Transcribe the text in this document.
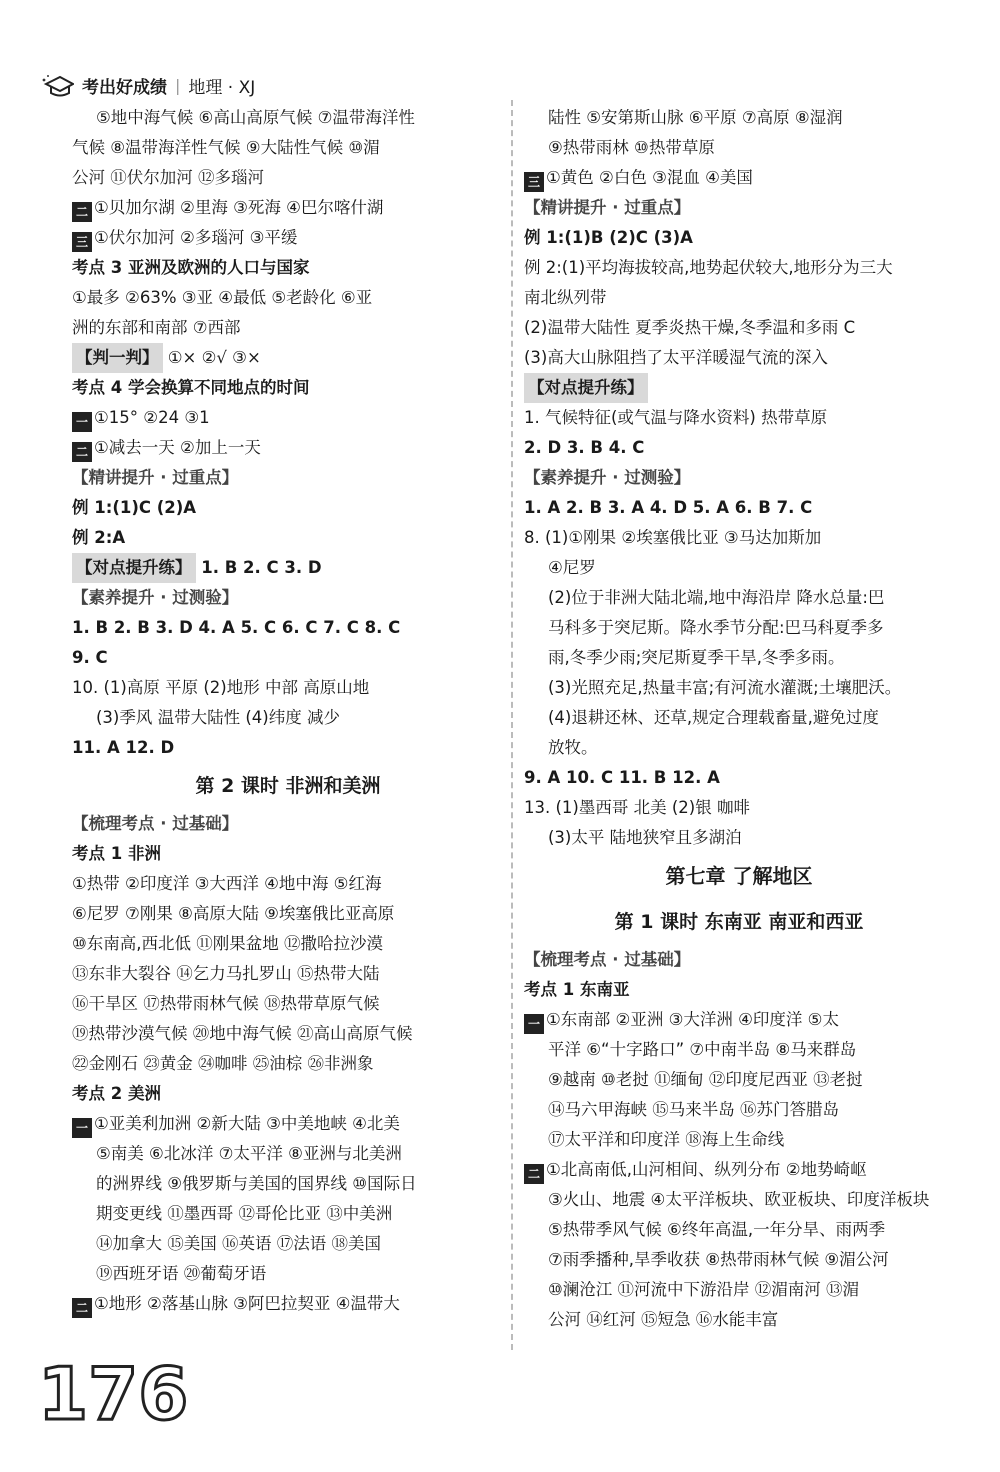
考出好成绩 | 地理 · XJ
⑤地中海气候 ⑥高山高原气候 ⑦温带海洋性
气候 ⑧温带海洋性气候 ⑨大陆性气候 ⑩湄
公河 ⑪伏尔加河 ⑫多瑙河
二 ①贝加尔湖 ②里海 ③死海 ④巴尔喀什湖
三 ①伏尔加河 ②多瑙河 ③平缓
考点 3 亚洲及欧洲的人口与国家
①最多 ②63% ③亚 ④最低 ⑤老龄化 ⑥亚
洲的东部和南部 ⑦西部
【判一判】 ①× ②√ ③×
考点 4 学会换算不同地点的时间
一 ①15° ②24 ③1
二 ①减去一天 ②加上一天
【精讲提升 · 过重点】
例 1:(1)C (2)A
例 2:A
【对点提升练】 1. B 2. C 3. D
【素养提升 · 过测验】
1. B 2. B 3. D 4. A 5. C 6. C 7. C 8. C
9. C
10. (1)高原 平原 (2)地形 中部 高原山地
(3)季风 温带大陆性 (4)纬度 减少
11. A 12. D
第 2 课时 非洲和美洲
【梳理考点 · 过基础】
考点 1 非洲
①热带 ②印度洋 ③大西洋 ④地中海 ⑤红海
⑥尼罗 ⑦刚果 ⑧高原大陆 ⑨埃塞俄比亚高原
⑩东南高,西北低 ⑪刚果盆地 ⑫撒哈拉沙漠
⑬东非大裂谷 ⑭乞力马扎罗山 ⑮热带大陆
⑯干旱区 ⑰热带雨林气候 ⑱热带草原气候
⑲热带沙漠气候 ⑳地中海气候 ㉑高山高原气候
㉒金刚石 ㉓黄金 ㉔咖啡 ㉕油棕 ㉖非洲象
考点 2 美洲
一 ①亚美利加洲 ②新大陆 ③中美地峡 ④北美
⑤南美 ⑥北冰洋 ⑦太平洋 ⑧亚洲与北美洲
的洲界线 ⑨俄罗斯与美国的国界线 ⑩国际日
期变更线 ⑪墨西哥 ⑫哥伦比亚 ⑬中美洲
⑭加拿大 ⑮美国 ⑯英语 ⑰法语 ⑱美国
⑲西班牙语 ⑳葡萄牙语
二 ①地形 ②落基山脉 ③阿巴拉契亚 ④温带大
陆性 ⑤安第斯山脉 ⑥平原 ⑦高原 ⑧湿润
⑨热带雨林 ⑩热带草原
三 ①黄色 ②白色 ③混血 ④美国
【精讲提升 · 过重点】
例 1:(1)B (2)C (3)A
例 2:(1)平均海拔较高,地势起伏较大,地形分为三大
南北纵列带
(2)温带大陆性 夏季炎热干燥,冬季温和多雨 C
(3)高大山脉阻挡了太平洋暖湿气流的深入
【对点提升练】
1. 气候特征(或气温与降水资料) 热带草原
2. D 3. B 4. C
【素养提升 · 过测验】
1. A 2. B 3. A 4. D 5. A 6. B 7. C
8. (1)①刚果 ②埃塞俄比亚 ③马达加斯加
④尼罗
(2)位于非洲大陆北端,地中海沿岸 降水总量:巴
马科多于突尼斯。降水季节分配:巴马科夏季多
雨,冬季少雨;突尼斯夏季干旱,冬季多雨。
(3)光照充足,热量丰富;有河流水灌溉;土壤肥沃。
(4)退耕还林、还草,规定合理载畜量,避免过度
放牧。
9. A 10. C 11. B 12. A
13. (1)墨西哥 北美 (2)银 咖啡
(3)太平 陆地狭窄且多湖泊
第七章 了解地区
第 1 课时 东南亚 南亚和西亚
【梳理考点 · 过基础】
考点 1 东南亚
一 ①东南部 ②亚洲 ③大洋洲 ④印度洋 ⑤太
平洋 ⑥“十字路口” ⑦中南半岛 ⑧马来群岛
⑨越南 ⑩老挝 ⑪缅甸 ⑫印度尼西亚 ⑬老挝
⑭马六甲海峡 ⑮马来半岛 ⑯苏门答腊岛
⑰太平洋和印度洋 ⑱海上生命线
二 ①北高南低,山河相间、纵列分布 ②地势崎岖
③火山、地震 ④太平洋板块、欧亚板块、印度洋板块
⑤热带季风气候 ⑥终年高温,一年分旱、雨两季
⑦雨季播种,旱季收获 ⑧热带雨林气候 ⑨湄公河
⑩澜沧江 ⑪河流中下游沿岸 ⑫湄南河 ⑬湄
公河 ⑭红河 ⑮短急 ⑯水能丰富
176
